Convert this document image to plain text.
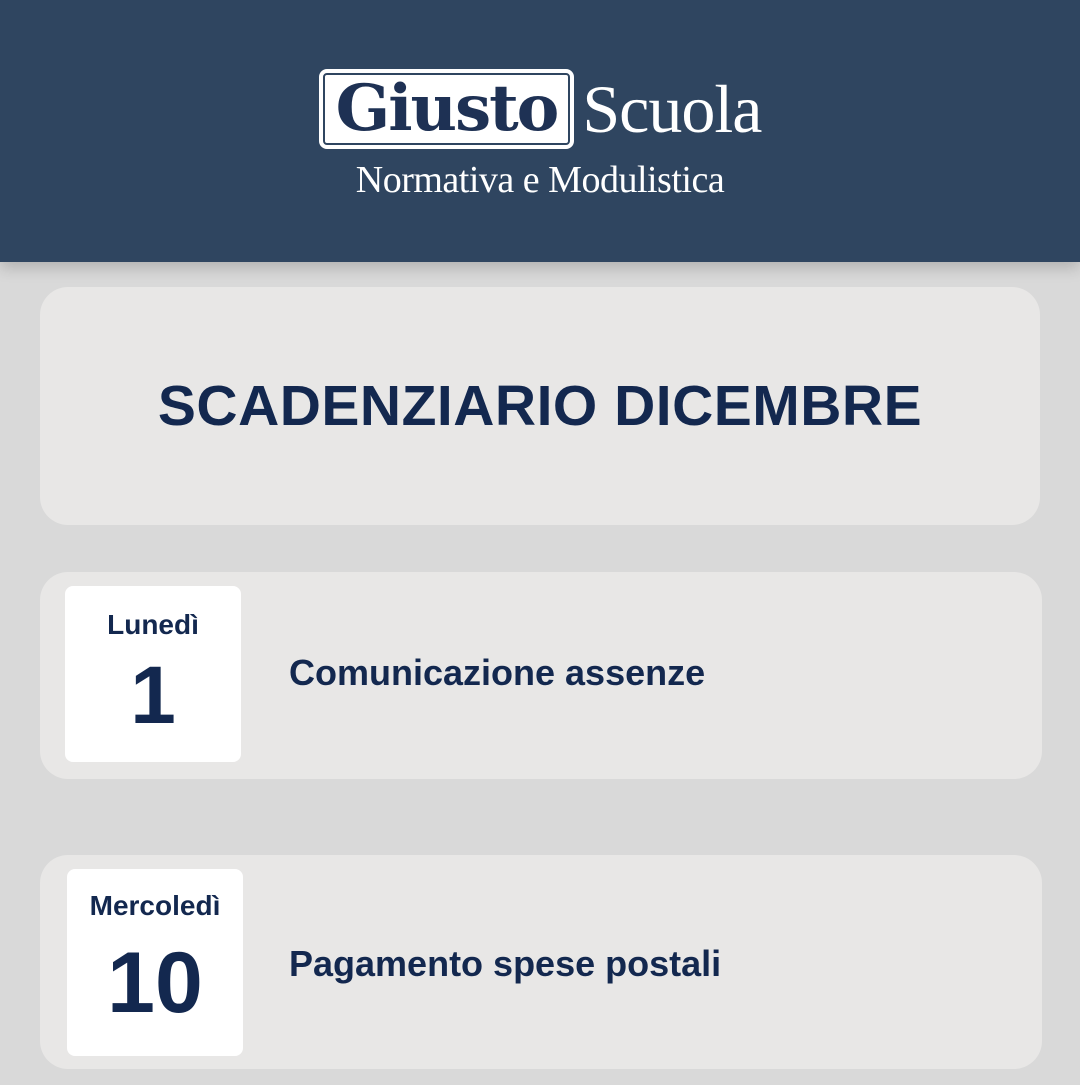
Giusto Scuola
Normativa e Modulistica
SCADENZIARIO DICEMBRE
Lunedì
1	Comunicazione assenze
Mercoledì
10	Pagamento spese postali
